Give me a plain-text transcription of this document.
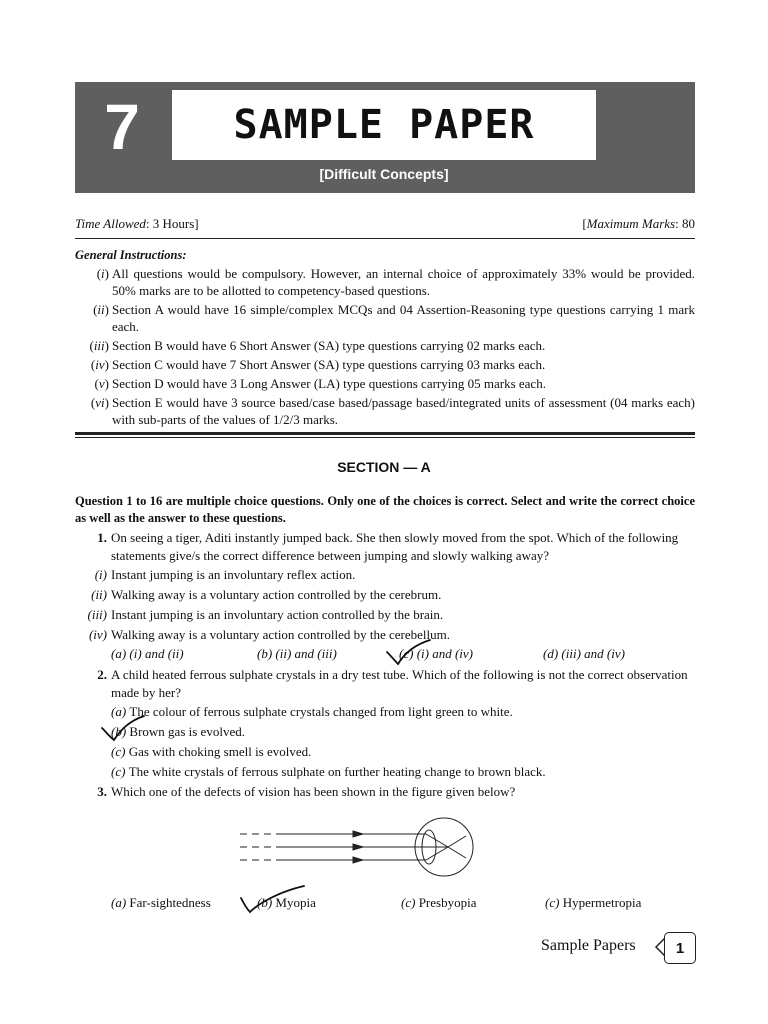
7 SAMPLE PAPER
[Difficult Concepts]
Time Allowed: 3 Hours]	[Maximum Marks: 80
General Instructions:
(i) All questions would be compulsory. However, an internal choice of approximately 33% would be provided. 50% marks are to be allotted to competency-based questions.
(ii) Section A would have 16 simple/complex MCQs and 04 Assertion-Reasoning type questions carrying 1 mark each.
(iii) Section B would have 6 Short Answer (SA) type questions carrying 02 marks each.
(iv) Section C would have 7 Short Answer (SA) type questions carrying 03 marks each.
(v) Section D would have 3 Long Answer (LA) type questions carrying 05 marks each.
(vi) Section E would have 3 source based/case based/passage based/integrated units of assessment (04 marks each) with sub-parts of the values of 1/2/3 marks.
SECTION — A
Question 1 to 16 are multiple choice questions. Only one of the choices is correct. Select and write the correct choice as well as the answer to these questions.
1. On seeing a tiger, Aditi instantly jumped back. She then slowly moved from the spot. Which of the following statements give/s the correct difference between jumping and slowly walking away?
(i) Instant jumping is an involuntary reflex action.
(ii) Walking away is a voluntary action controlled by the cerebrum.
(iii) Instant jumping is an involuntary action controlled by the brain.
(iv) Walking away is a voluntary action controlled by the cerebellum.
(a) (i) and (ii)	(b) (ii) and (iii)	(c) (i) and (iv)	(d) (iii) and (iv)
2. A child heated ferrous sulphate crystals in a dry test tube. Which of the following is not the correct observation made by her?
(a) The colour of ferrous sulphate crystals changed from light green to white.
(b) Brown gas is evolved.
(c) Gas with choking smell is evolved.
(c) The white crystals of ferrous sulphate on further heating change to brown black.
3. Which one of the defects of vision has been shown in the figure given below?
(a) Far-sightedness	(b) Myopia	(c) Presbyopia	(c) Hypermetropia
Sample Papers	1
